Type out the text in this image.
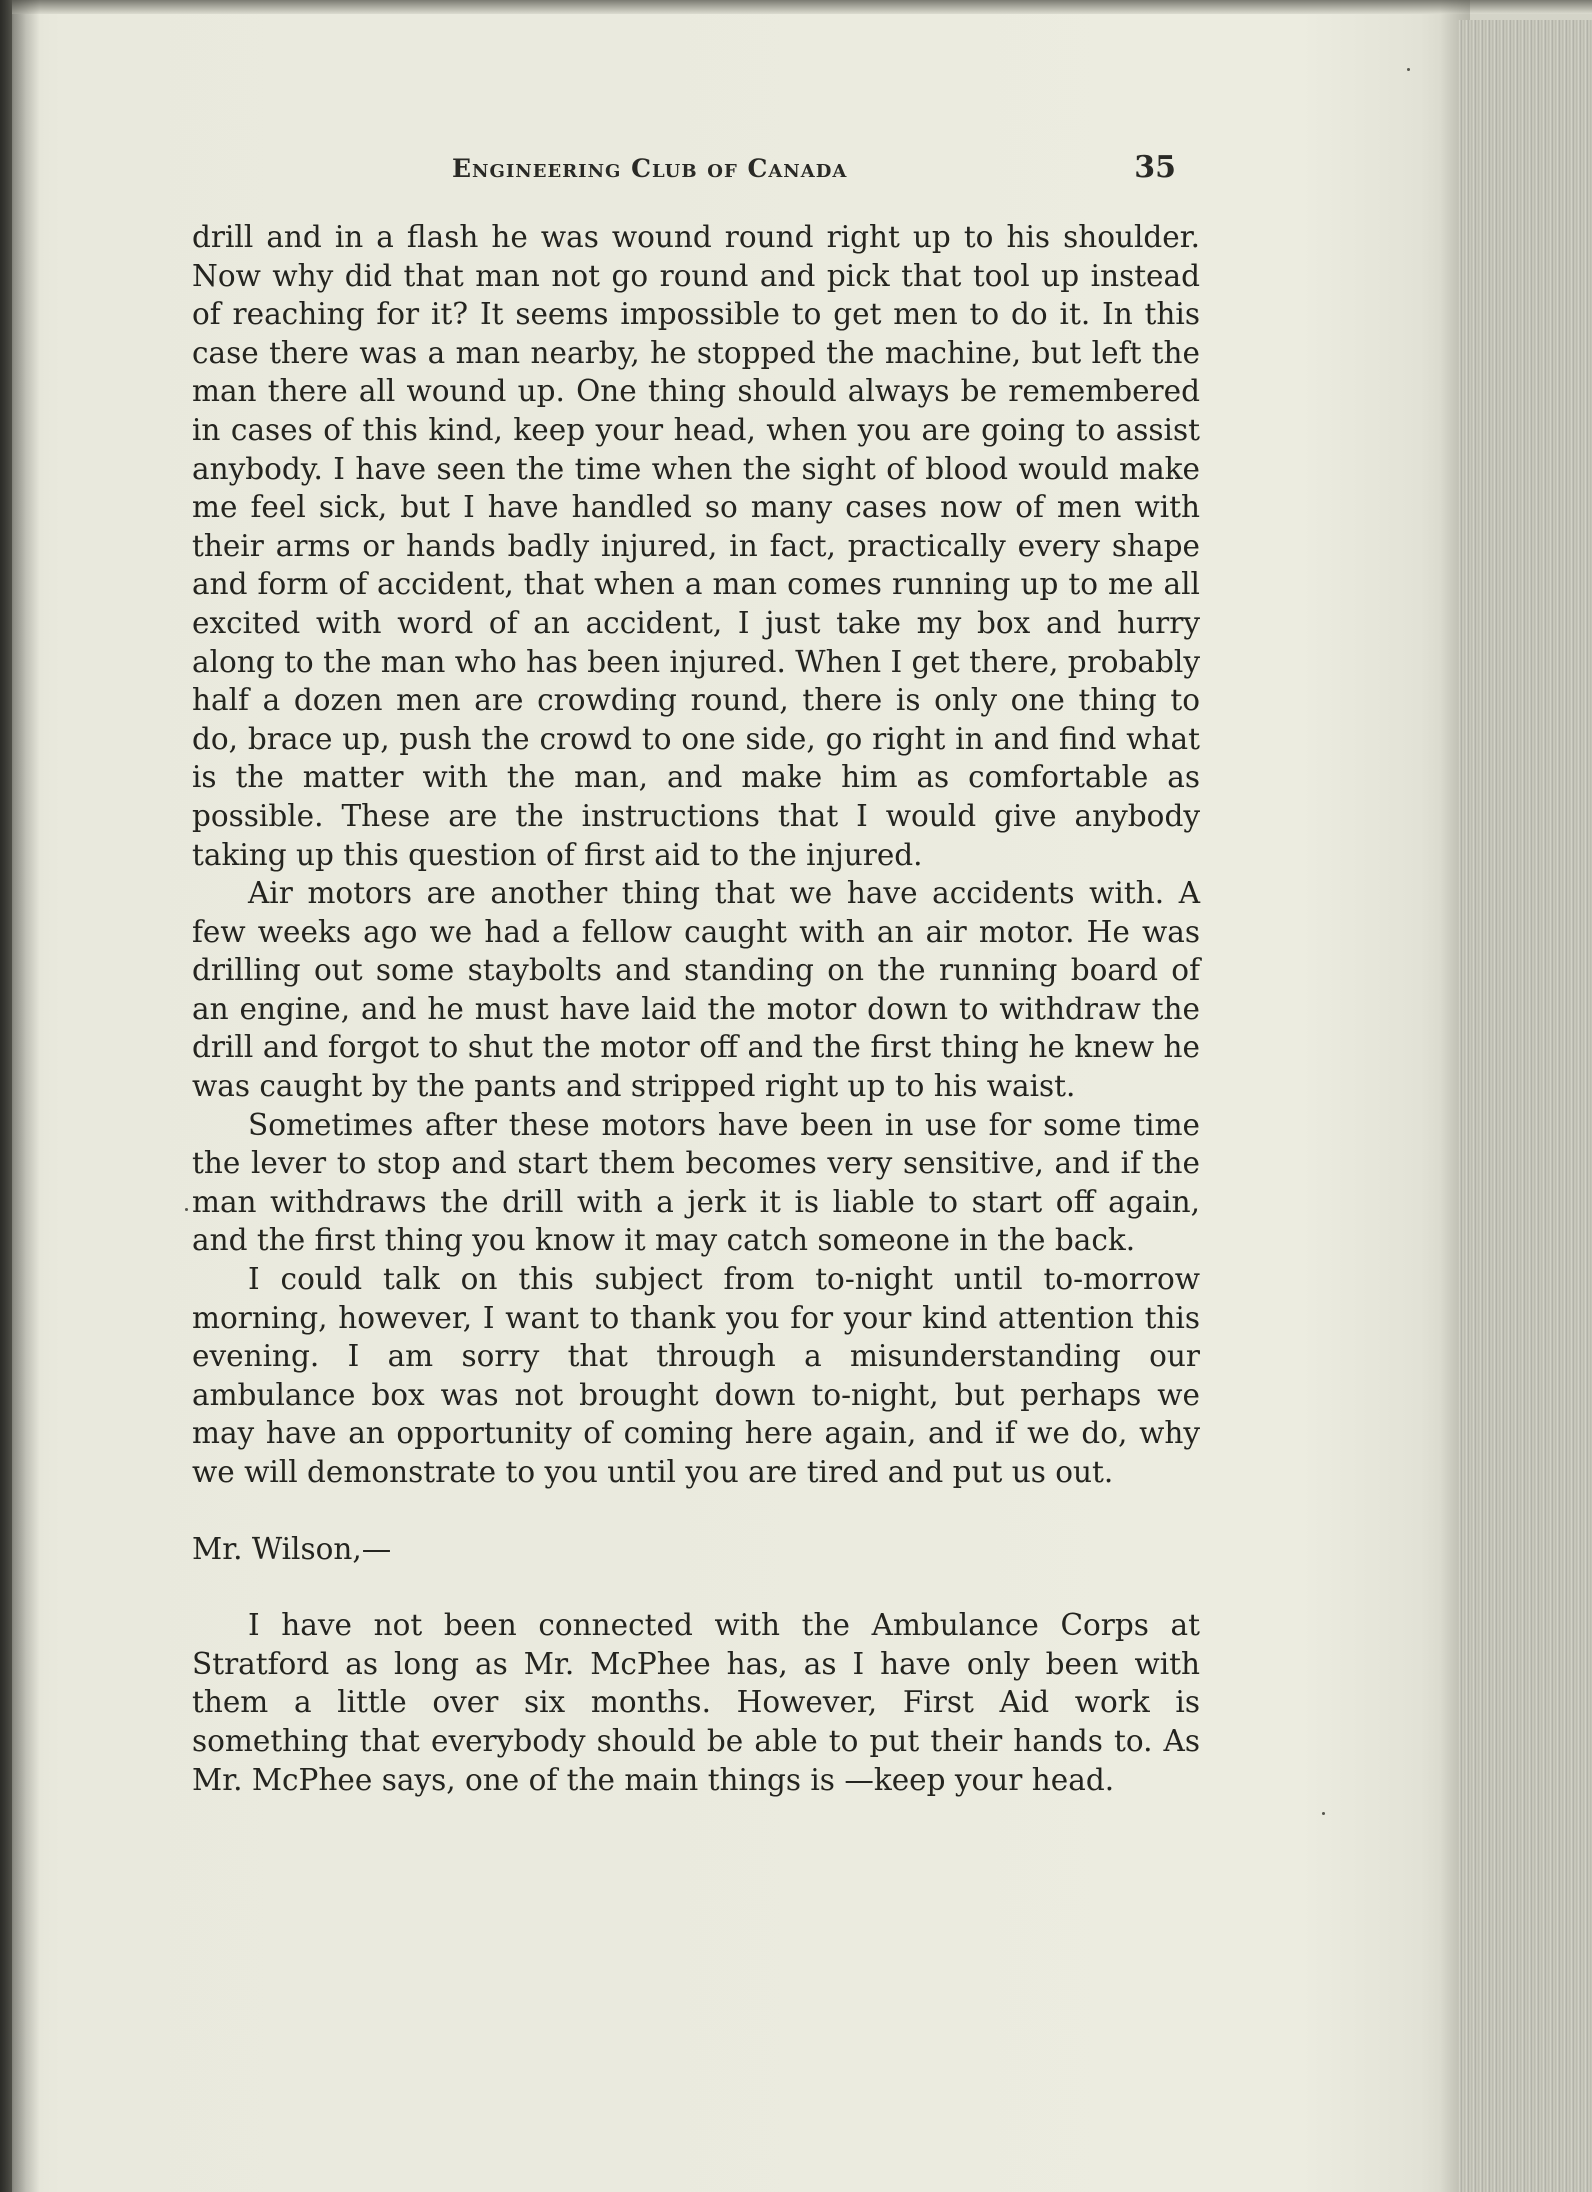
Engineering Club of Canada	35

drill and in a flash he was wound round right up to his shoulder. Now why did that man not go round and pick that tool up instead of reaching for it? It seems impossible to get men to do it. In this case there was a man nearby, he stopped the machine, but left the man there all wound up. One thing should always be remembered in cases of this kind, keep your head, when you are going to assist anybody. I have seen the time when the sight of blood would make me feel sick, but I have handled so many cases now of men with their arms or hands badly injured, in fact, practically every shape and form of accident, that when a man comes running up to me all excited with word of an accident, I just take my box and hurry along to the man who has been injured. When I get there, probably half a dozen men are crowding round, there is only one thing to do, brace up, push the crowd to one side, go right in and find what is the matter with the man, and make him as comfortable as possible. These are the instructions that I would give anybody taking up this question of first aid to the injured.

Air motors are another thing that we have accidents with. A few weeks ago we had a fellow caught with an air motor. He was drilling out some staybolts and standing on the running board of an engine, and he must have laid the motor down to withdraw the drill and forgot to shut the motor off and the first thing he knew he was caught by the pants and stripped right up to his waist.

Sometimes after these motors have been in use for some time the lever to stop and start them becomes very sensitive, and if the man withdraws the drill with a jerk it is liable to start off again, and the first thing you know it may catch someone in the back.

I could talk on this subject from to-night until to-morrow morning, however, I want to thank you for your kind attention this evening. I am sorry that through a misunderstanding our ambulance box was not brought down to-night, but perhaps we may have an opportunity of coming here again, and if we do, why we will demonstrate to you until you are tired and put us out.

Mr. Wilson,—

I have not been connected with the Ambulance Corps at Stratford as long as Mr. McPhee has, as I have only been with them a little over six months. However, First Aid work is something that everybody should be able to put their hands to. As Mr. McPhee says, one of the main things is —keep your head.
